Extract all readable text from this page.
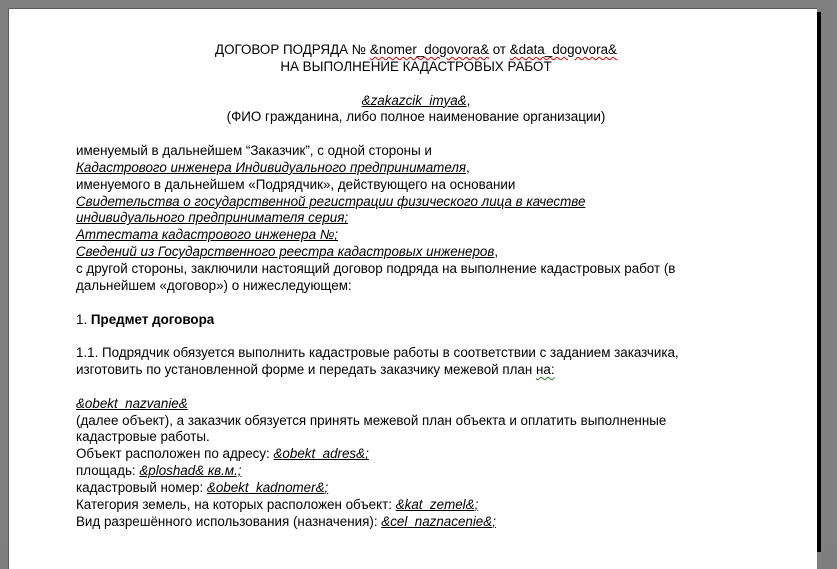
ДОГОВОР ПОДРЯДА № &nomer_dogovora& от &data_dogovora&
НА ВЫПОЛНЕНИЕ КАДАСТРОВЫХ РАБОТ
&zakazcik_imya&,
(ФИО гражданина, либо полное наименование организации)
именуемый в дальнейшем “Заказчик”, с одной стороны и
Кадастрового инженера Индивидуального предпринимателя,
именуемого в дальнейшем «Подрядчик», действующего на основании
Свидетельства о государственной регистрации физического лица в качестве
индивидуального предпринимателя серия;
Аттестата кадастрового инженера №;
Сведений из Государственного реестра кадастровых инженеров,
с другой стороны, заключили настоящий договор подряда на выполнение кадастровых работ (в
дальнейшем «договор») о нижеследующем:
1. Предмет договора
1.1. Подрядчик обязуется выполнить кадастровые работы в соответствии с заданием заказчика,
изготовить по установленной форме и передать заказчику межевой план на:
&obekt_nazvanie&
(далее объект), а заказчик обязуется принять межевой план объекта и оплатить выполненные
кадастровые работы.
Объект расположен по адресу: &obekt_adres&;
площадь: &ploshad& кв.м.;
кадастровый номер: &obekt_kadnomer&;
Категория земель, на которых расположен объект: &kat_zemel&;
Вид разрешённого использования (назначения): &cel_naznacenie&;
